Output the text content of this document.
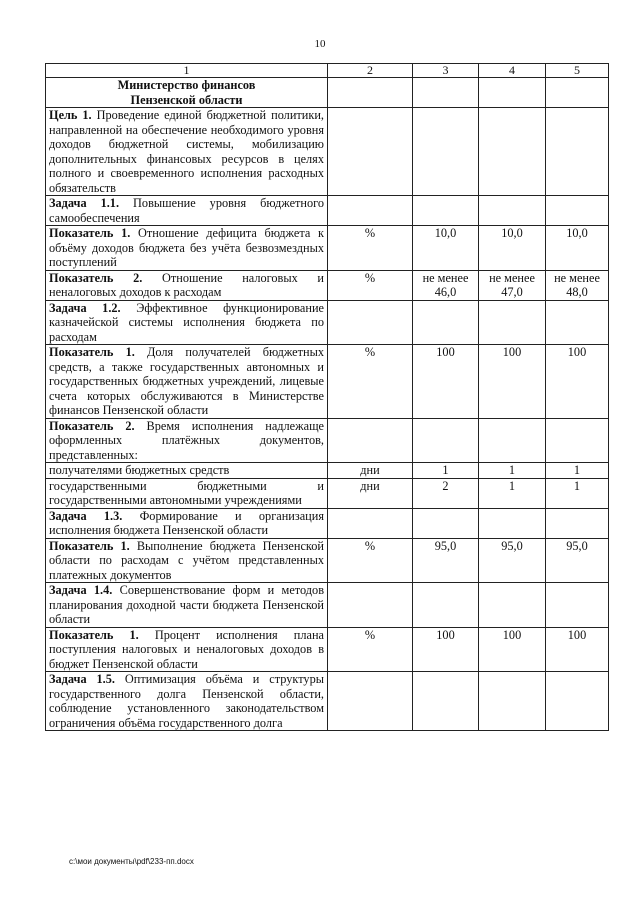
10
1	2	3	4	5

Министерство финансов
Пензенской области				

Цель 1. Проведение единой бюджетной политики, направленной на обеспечение необходимого уровня доходов бюджетной системы, мобилизацию дополнительных финансовых ресурсов в целях полного и своевременного исполнения расходных обязательств				
Задача 1.1. Повышение уровня бюджетного самообеспечения				
Показатель 1. Отношение дефицита бюджета к объёму доходов бюджета без учёта безвозмездных поступлений	%	10,0	10,0	10,0
Показатель 2. Отношение налоговых и неналоговых доходов к расходам	%	не менее 46,0	не менее 47,0	не менее 48,0
Задача 1.2. Эффективное функционирование казначейской системы исполнения бюджета по расходам				
Показатель 1. Доля получателей бюджетных средств, а также государственных автономных и государственных бюджетных учреждений, лицевые счета которых обслуживаются в Министерстве финансов Пензенской области	%	100	100	100
Показатель 2. Время исполнения надлежаще оформленных платёжных документов, представленных:				
получателями бюджетных средств	дни	1	1	1
государственными бюджетными и государственными автономными учреждениями	дни	2	1	1
Задача 1.3. Формирование и организация исполнения бюджета Пензенской области				
Показатель 1. Выполнение бюджета Пензенской области по расходам с учётом представленных платежных документов	%	95,0	95,0	95,0
Задача 1.4. Совершенствование форм и методов планирования доходной части бюджета Пензенской области				
Показатель 1. Процент исполнения плана поступления налоговых и неналоговых доходов в бюджет Пензенской области	%	100	100	100
Задача 1.5. Оптимизация объёма и структуры государственного долга Пензенской области, соблюдение установленного законодательством ограничения объёма государственного долга				
c:\мои документы\pdf\233-пп.docx
